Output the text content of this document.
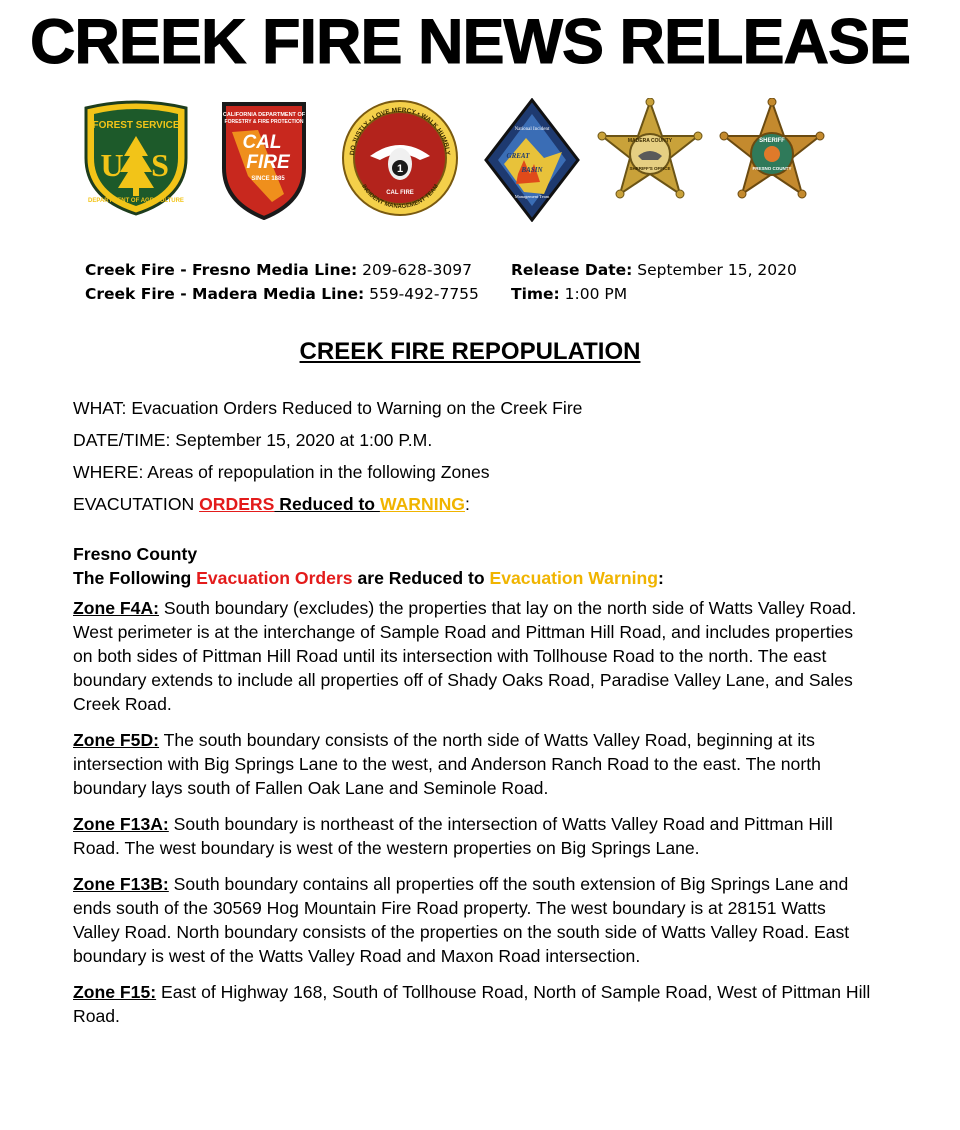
CREEK FIRE NEWS RELEASE
FOREST SERVICE
U S
DEPARTMENT OF AGRICULTURE
CALIFORNIA DEPARTMENT OF
FORESTRY & FIRE PROTECTION
CAL
FIRE
SINCE 1885
DO JUSTLY • LOVE MERCY • WALK HUMBLY
INCIDENT MANAGEMENT TEAM
1
CAL FIRE
National Incident
Management Team
GREAT
BASIN
MADERA COUNTY
SHERIFF'S OFFICE
SHERIFF
FRESNO COUNTY
Creek Fire - Fresno Media Line: 209-628-3097
Creek Fire - Madera Media Line: 559-492-7755
Release Date: September 15, 2020
Time: 1:00 PM
CREEK FIRE REPOPULATION
WHAT: Evacuation Orders Reduced to Warning on the Creek Fire
DATE/TIME: September 15, 2020 at 1:00 P.M.
WHERE: Areas of repopulation in the following Zones
EVACUTATION ORDERS Reduced to WARNING:
Fresno County
The Following Evacuation Orders are Reduced to Evacuation Warning:
Zone F4A: South boundary (excludes) the properties that lay on the north side of Watts Valley Road. West perimeter is at the interchange of Sample Road and Pittman Hill Road, and includes properties on both sides of Pittman Hill Road until its intersection with Tollhouse Road to the north. The east boundary extends to include all properties off of Shady Oaks Road, Paradise Valley Lane, and Sales Creek Road.
Zone F5D: The south boundary consists of the north side of Watts Valley Road, beginning at its intersection with Big Springs Lane to the west, and Anderson Ranch Road to the east. The north boundary lays south of Fallen Oak Lane and Seminole Road.
Zone F13A: South boundary is northeast of the intersection of Watts Valley Road and Pittman Hill Road. The west boundary is west of the western properties on Big Springs Lane.
Zone F13B: South boundary contains all properties off the south extension of Big Springs Lane and ends south of the 30569 Hog Mountain Fire Road property. The west boundary is at 28151 Watts Valley Road. North boundary consists of the properties on the south side of Watts Valley Road. East boundary is west of the Watts Valley Road and Maxon Road intersection.
Zone F15: East of Highway 168, South of Tollhouse Road, North of Sample Road, West of Pittman Hill Road.
